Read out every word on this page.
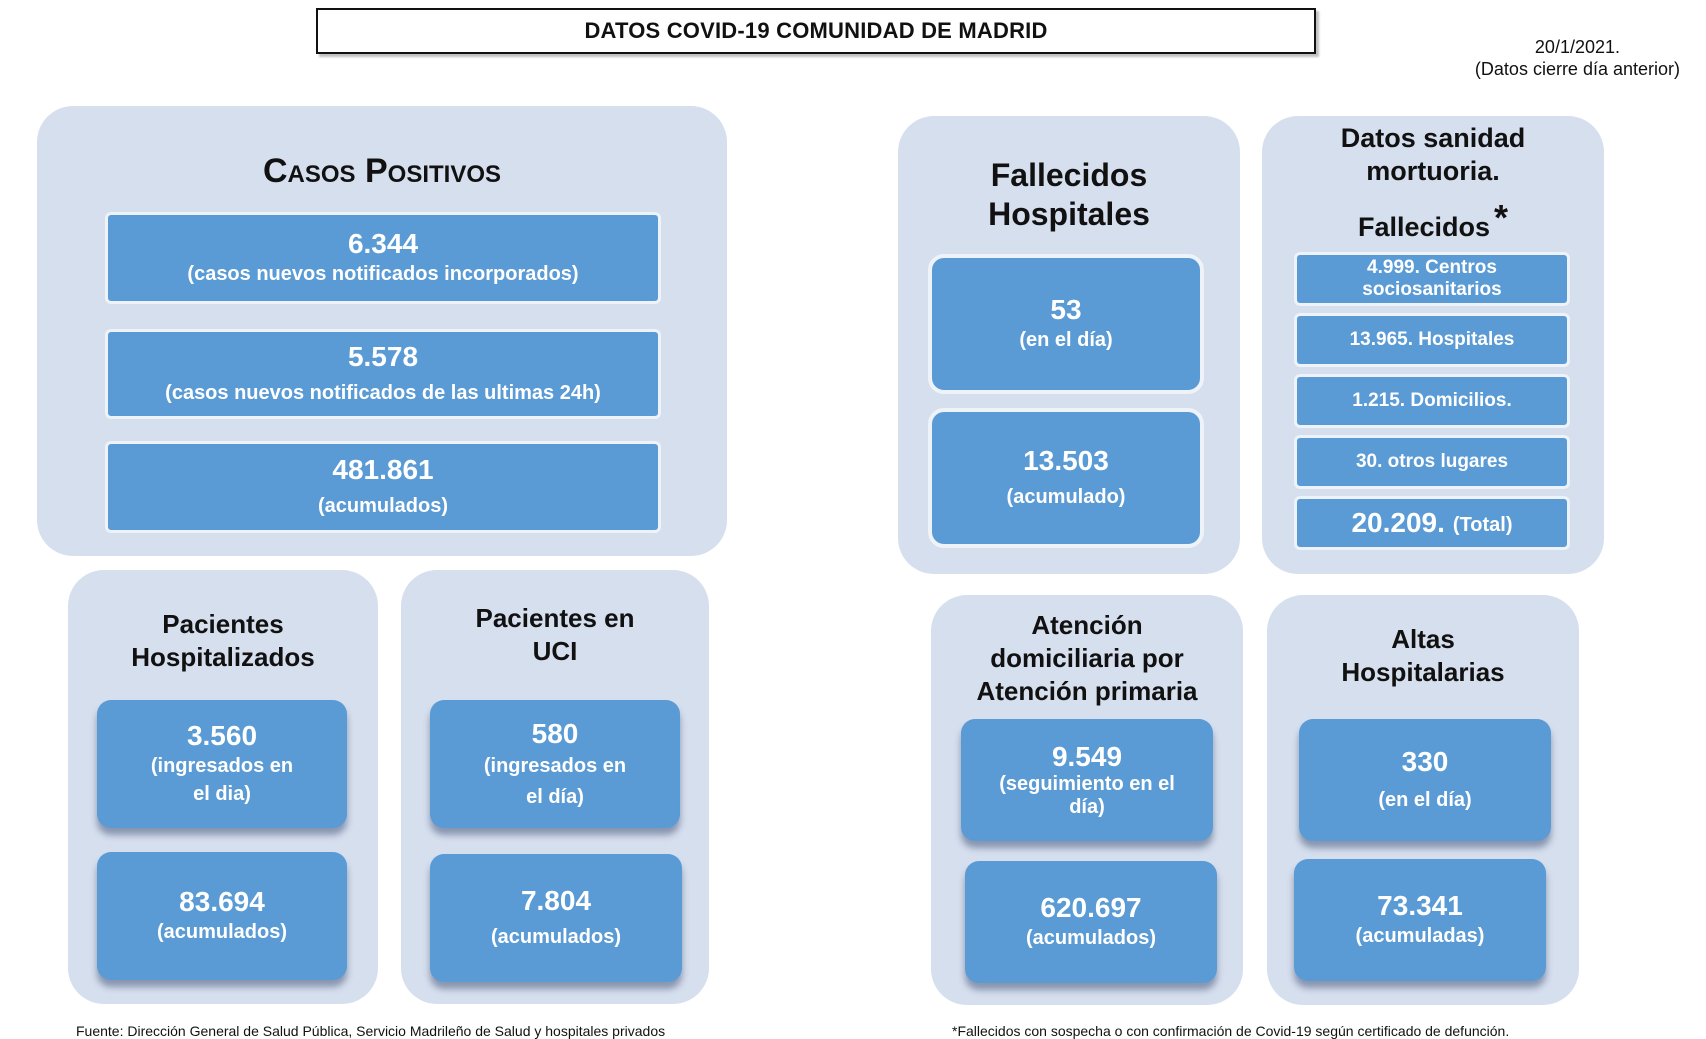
DATOS COVID-19 COMUNIDAD DE MADRID
20/1/2021.
(Datos cierre día anterior)
Casos Positivos
6.344
(casos nuevos notificados incorporados)
5.578
(casos nuevos notificados de las ultimas 24h)
481.861
(acumulados)
Pacientes
Hospitalizados
3.560
(ingresados en
el dia)
83.694
(acumulados)
Pacientes en
UCI
580
(ingresados en
el día)
7.804
(acumulados)
Fallecidos
Hospitales
53
(en el día)
13.503
(acumulado)
Datos sanidad
mortuoria.
Fallecidos *
4.999. Centros
sociosanitarios
13.965. Hospitales
1.215. Domicilios.
30. otros lugares
20.209. (Total)
Atención
domiciliaria por
Atención primaria
9.549
(seguimiento en el
día)
620.697
(acumulados)
Altas
Hospitalarias
330
(en el día)
73.341
(acumuladas)
Fuente: Dirección General de Salud Pública, Servicio Madrileño de Salud y hospitales privados	*Fallecidos con sospecha o con confirmación de Covid-19 según certificado de defunción.
